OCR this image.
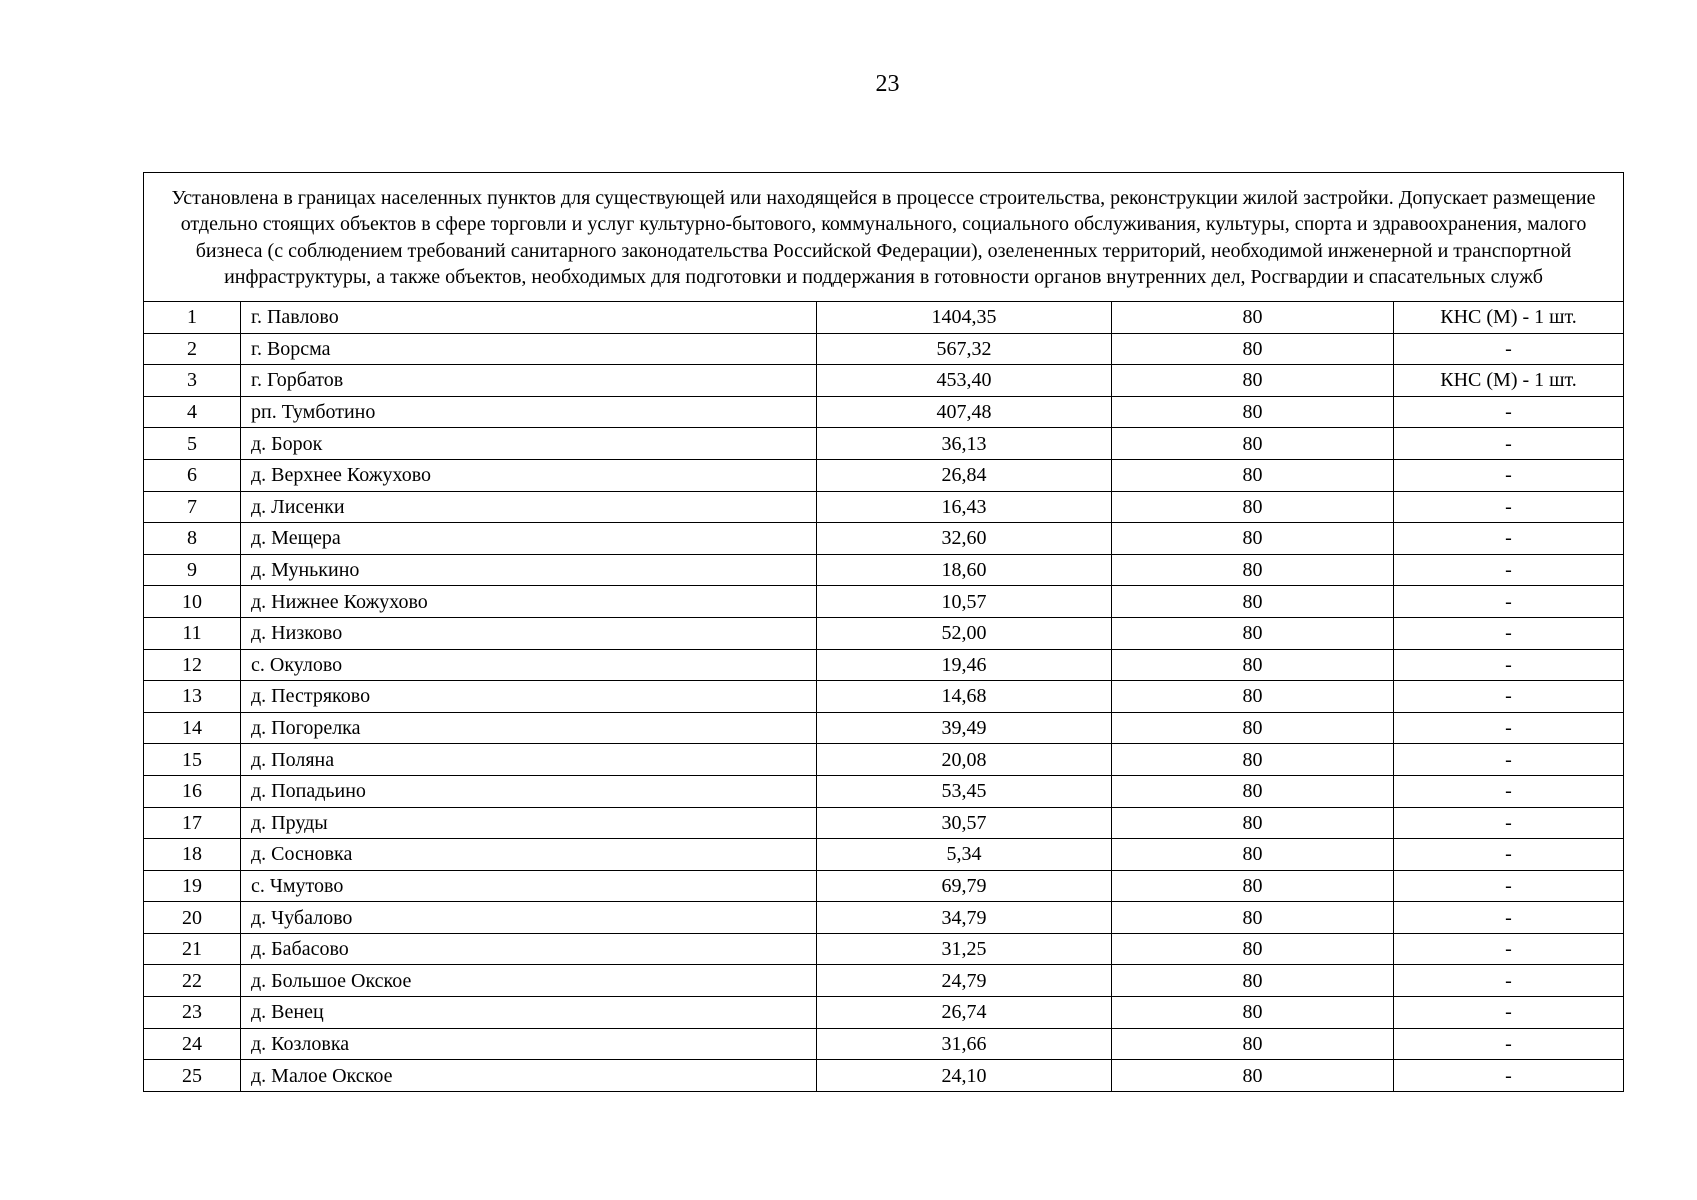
23
Установлена в границах населенных пунктов для существующей или находящейся в процессе строительства, реконструкции жилой застройки. Допускает размещение отдельно стоящих объектов в сфере торговли и услуг культурно-бытового, коммунального, социального обслуживания, культуры, спорта и здравоохранения, малого бизнеса (с соблюдением требований санитарного законодательства Российской Федерации), озелененных территорий, необходимой инженерной и транспортной инфраструктуры, а также объектов, необходимых для подготовки и поддержания в готовности органов внутренних дел, Росгвардии и спасательных служб				
1	г. Павлово	1404,35	80	КНС (М) - 1 шт.
2	г. Ворсма	567,32	80	-
3	г. Горбатов	453,40	80	КНС (М) - 1 шт.
4	рп. Тумботино	407,48	80	-
5	д. Борок	36,13	80	-
6	д. Верхнее Кожухово	26,84	80	-
7	д. Лисенки	16,43	80	-
8	д. Мещера	32,60	80	-
9	д. Мунькино	18,60	80	-
10	д. Нижнее Кожухово	10,57	80	-
11	д. Низково	52,00	80	-
12	с. Окулово	19,46	80	-
13	д. Пестряково	14,68	80	-
14	д. Погорелка	39,49	80	-
15	д. Поляна	20,08	80	-
16	д. Попадьино	53,45	80	-
17	д. Пруды	30,57	80	-
18	д. Сосновка	5,34	80	-
19	с. Чмутово	69,79	80	-
20	д. Чубалово	34,79	80	-
21	д. Бабасово	31,25	80	-
22	д. Большое Окское	24,79	80	-
23	д. Венец	26,74	80	-
24	д. Козловка	31,66	80	-
25	д. Малое Окское	24,10	80	-
